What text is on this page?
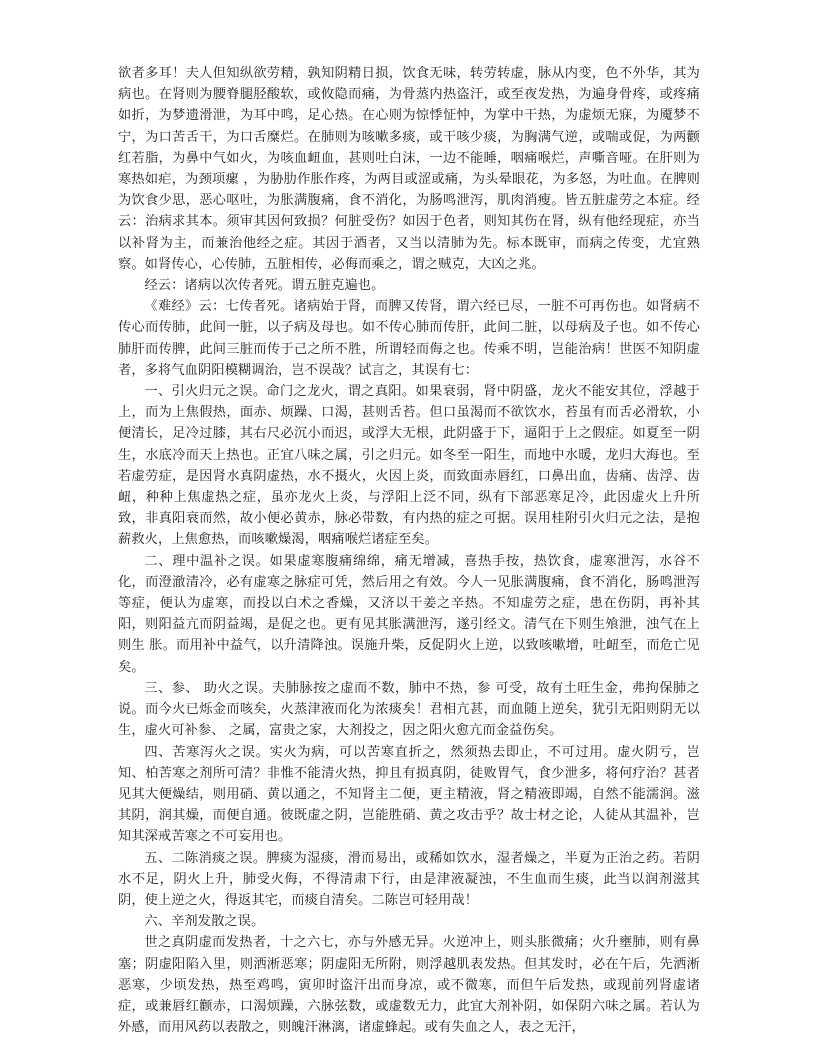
欲者多耳！夫人但知纵欲劳精，孰知阴精日损，饮食无味，转劳转虚，脉从内变，色不外华，其为病也。在肾则为腰脊腿胫酸软，或攸隐而痛，为骨蒸内热盗汗，或至夜发热，为遍身骨疼，或疼痛如折，为梦遗滑泄，为耳中鸣，足心热。在心则为惊悸怔忡，为掌中干热，为虚烦无寐，为魇梦不宁，为口苦舌干，为口舌糜烂。在肺则为咳嗽多痰，或干咳少痰，为胸满气逆，或喘或促，为两颧红若脂，为鼻中气如火，为咳血衄血，甚则吐白沫，一边不能睡，咽痛喉烂，声嘶音哑。在肝则为寒热如疟，为颈项瘰 ，为胁肋作胀作疼，为两目或涩或痛，为头晕眼花，为多怒，为吐血。在脾则为饮食少思，恶心呕吐，为胀满腹痛，食不消化，为肠鸣泄泻，肌肉消瘦。皆五脏虚劳之本症。经云：治病求其本。须审其因何致损？何脏受伤？如因于色者，则知其伤在肾，纵有他经现症，亦当以补肾为主，而兼治他经之症。其因于酒者，又当以清肺为先。标本既审，而病之传变，尤宜熟察。如肾传心，心传肺，五脏相传，必侮而乘之，谓之贼克，大凶之兆。

经云：诸病以次传者死。谓五脏克遍也。

《难经》云：七传者死。诸病始于肾，而脾又传肾，谓六经已尽，一脏不可再伤也。如肾病不传心而传肺，此间一脏，以子病及母也。如不传心肺而传肝，此间二脏，以母病及子也。如不传心肺肝而传脾，此间三脏而传于己之所不胜，所谓轻而侮之也。传乘不明，岂能治病！世医不知阴虚者，多将气血阴阳模糊调治，岂不误哉？试言之，其误有七：

一、引火归元之误。命门之龙火，谓之真阳。如果衰弱，肾中阴盛，龙火不能安其位，浮越于上，而为上焦假热，面赤、烦躁、口渴，甚则舌苔。但口虽渴而不欲饮水，苔虽有而舌必滑软，小便清长，足冷过膝，其右尺必沉小而迟，或浮大无根，此阴盛于下，逼阳于上之假症。如夏至一阴生，水底冷而天上热也。正宜八味之属，引之归元。如冬至一阳生，而地中水暖，龙归大海也。至若虚劳症，是因肾水真阴虚热，水不摄火，火因上炎，而致面赤唇红，口鼻出血，齿痛、齿浮、齿衄，种种上焦虚热之症，虽亦龙火上炎，与浮阳上泛不同，纵有下部恶寒足冷，此因虚火上升所致，非真阳衰而然，故小便必黄赤，脉必带数，有内热的症之可据。误用桂附引火归元之法，是抱薪救火，上焦愈热，而咳嗽燥渴，咽痛喉烂诸症至矣。

二、理中温补之误。如果虚寒腹痛绵绵，痛无增减，喜热手按，热饮食，虚寒泄泻，水谷不化，而澄澈清冷，必有虚寒之脉症可凭，然后用之有效。今人一见胀满腹痛，食不消化，肠鸣泄泻等症，便认为虚寒，而投以白术之香燥，又济以干姜之辛热。不知虚劳之症，患在伤阴，再补其阳，则阳益亢而阴益竭，是促之也。更有见其胀满泄泻，遂引经文。清气在下则生飧泄，浊气在上则生 胀。而用补中益气，以升清降浊。误施升柴，反促阴火上逆，以致咳嗽增，吐衄至，而危亡见矣。

三、参、 助火之误。夫肺脉按之虚而不数，肺中不热，参 可受，故有土旺生金，弗拘保肺之说。而今火已烁金而咳矣，火蒸津液而化为浓痰矣！君相亢甚，而血随上逆矣，犹引无阳则阴无以生，虚火可补参、 之属，富贵之家，大剂投之，因之阳火愈亢而金益伤矣。

四、苦寒泻火之误。实火为病，可以苦寒直折之，然须热去即止，不可过用。虚火阴亏，岂知、柏苦寒之剂所可清？非惟不能清火热，抑且有损真阴，徒败胃气，食少泄多，将何疗治？甚者见其大便燥结，则用硝、黄以通之，不知肾主二便，更主精液，肾之精液即竭，自然不能濡润。滋其阴，润其燥，而便自通。彼既虚之阴，岂能胜硝、黄之攻击乎？故士材之论，人徒从其温补，岂知其深戒苦寒之不可妄用也。

五、二陈消痰之误。脾痰为湿痰，滑而易出，或稀如饮水，湿者燥之，半夏为正治之药。若阴水不足，阴火上升，肺受火侮，不得清肃下行，由是津液凝浊，不生血而生痰，此当以润剂滋其阴，使上逆之火，得返其宅，而痰自清矣。二陈岂可轻用哉！

六、辛剂发散之误。

世之真阴虚而发热者，十之六七，亦与外感无异。火逆冲上，则头胀微痛；火升壅肺，则有鼻塞；阴虚阳陷入里，则洒淅恶寒；阴虚阳无所附，则浮越肌表发热。但其发时，必在午后，先洒淅恶寒，少顷发热，热至鸡鸣，寅卯时盗汗出而身凉，或不微寒，而但午后发热，或现前列肾虚诸症，或兼唇红颧赤，口渴烦躁，六脉弦数，或虚数无力，此宜大剂补阴，如保阴六味之属。若认为外感，而用风药以表散之，则魄汗淋漓，诸虚蜂起。或有失血之人，表之无汗，
